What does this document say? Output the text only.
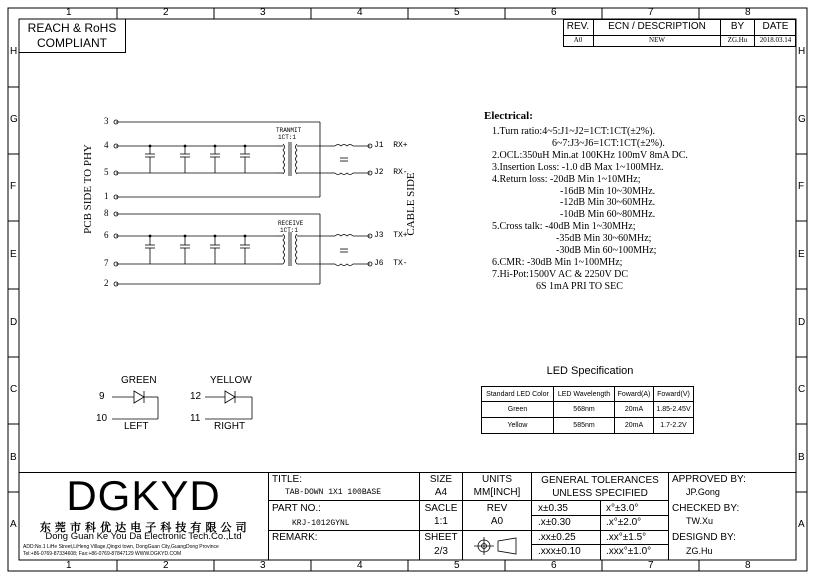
1	2	3	4	5	6	7	8
1	2	3	4	5	6	7	8
H
G
F
E
D
C
B
A
H
G
F
E
D
C
B
A
REACH & RoHS
COMPLIANT
REV.	ECN / DESCRIPTION	BY	DATE
A0	NEW	ZG.Hu	2018.03.14
PCB SIDE TO PHY	CABLE SIDE
3
4
5
1
8
6
7
2
TRANMIT
1CT:1
RECEIVE
1CT:1
J1  RX+
J2  RX-
J3  TX+
J6  TX-
Electrical:
1.Turn ratio:4~5:J1~J2=1CT:1CT(±2%).
6~7:J3~J6=1CT:1CT(±2%).
2.OCL:350uH Min.at 100KHz 100mV 8mA DC.
3.Insertion Loss: -1.0 dB Max 1~100MHz.
4.Return loss: -20dB Min 1~10MHz;
-16dB Min 10~30MHz.
-12dB Min 30~60MHz.
-10dB Min 60~80MHz.
5.Cross talk: -40dB Min 1~30MHz;
-35dB Min 30~60MHz;
-30dB Min 60~100MHz;
6.CMR: -30dB Min 1~100MHz;
7.Hi-Pot:1500V AC & 2250V DC
6S 1mA PRI TO SEC
GREEN
9
10
LEFT
YELLOW
12
11
RIGHT
LED Specification
Standard LED Color	LED Wavelength	Foward(A)	Foward(V)
Green	568nm	20mA	1.85-2.45V
Yellow	585nm	20mA	1.7-2.2V
DGKYD
东 莞 市 科 优 达 电 子 科 技 有 限 公 司
Dong Guan Ke You Da Electronic Tech.Co.,Ltd
ADD:No.1 LiHe Street,LiHeng Village,Qingxi town, DongGuan City,GuangDong Province
Tel:+86-0769-87334608; Fax:+86-0769-87847129 WWW.DGKYD.COM
TITLE:
TAB-DOWN 1X1 100BASE
PART NO.:
KRJ-1012GYNL
REMARK:
SIZE
A4
UNITS
MM[INCH]
SACLE
1:1
REV
A0
SHEET
2/3
GENERAL TOLERANCES
UNLESS SPECIFIED
x±0.35	x°±3.0°
.x±0.30	.x°±2.0°
.xx±0.25	.xx°±1.5°
.xxx±0.10	.xxx°±1.0°
APPROVED BY:
JP.Gong
CHECKED BY:
TW.Xu
DESIGND BY:
ZG.Hu
